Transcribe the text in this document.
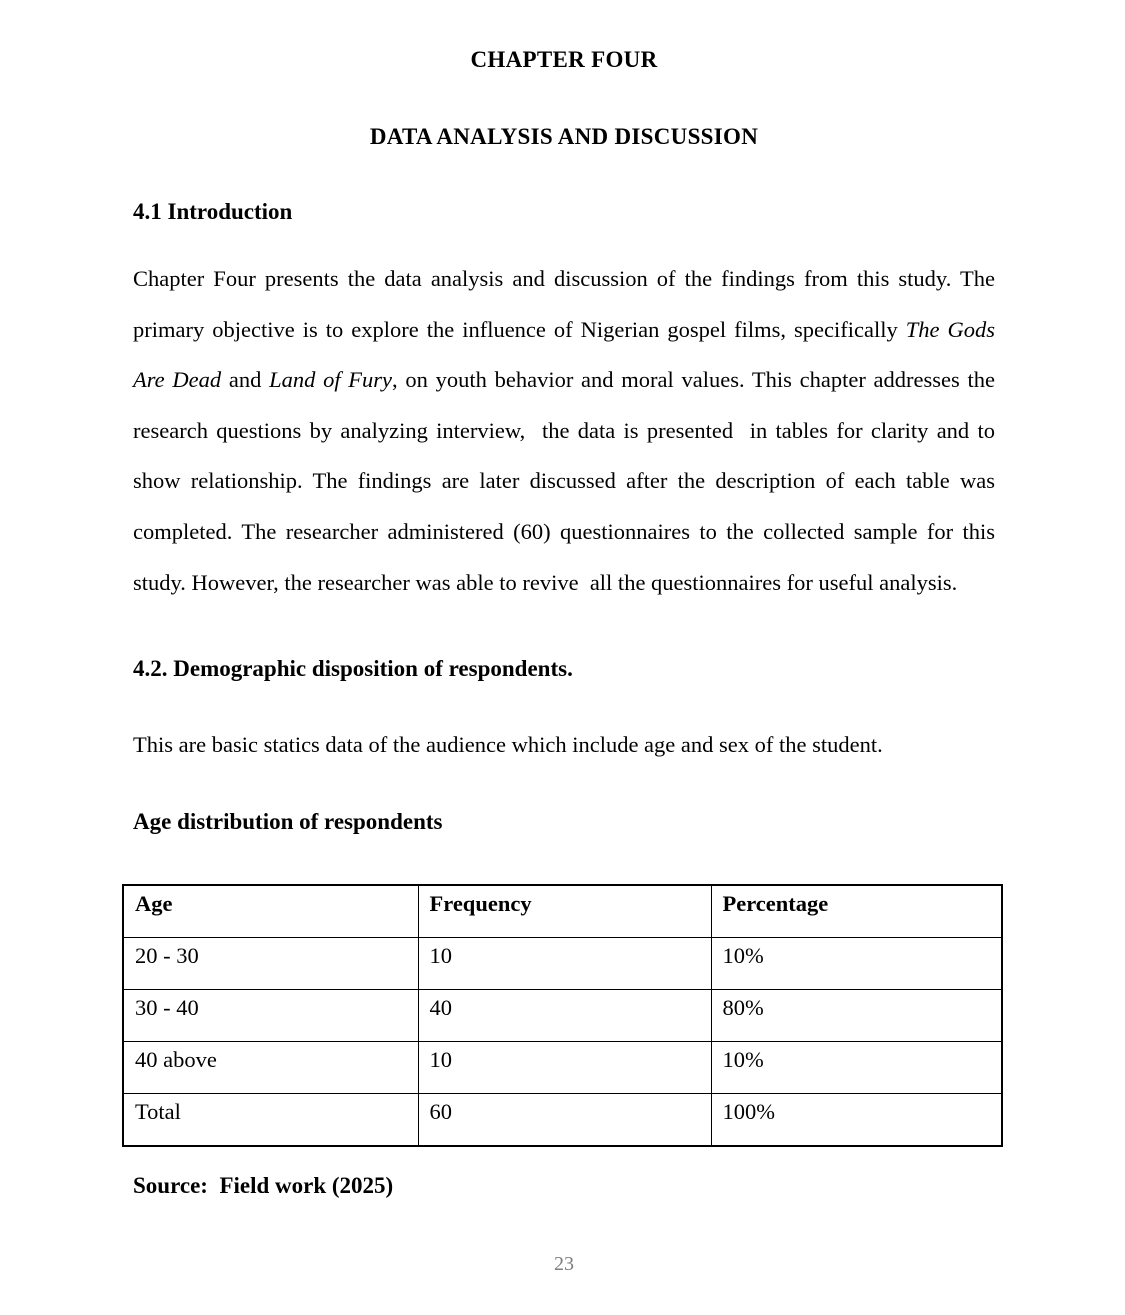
CHAPTER FOUR
DATA ANALYSIS AND DISCUSSION
4.1 Introduction

Chapter Four presents the data analysis and discussion of the findings from this study. The primary objective is to explore the influence of Nigerian gospel films, specifically The Gods Are Dead and Land of Fury, on youth behavior and moral values. This chapter addresses the research questions by analyzing interview,  the data is presented  in tables for clarity and to show relationship. The findings are later discussed after the description of each table was completed. The researcher administered (60) questionnaires to the collected sample for this study. However, the researcher was able to revive  all the questionnaires for useful analysis.

4.2. Demographic disposition of respondents.
This are basic statics data of the audience which include age and sex of the student.
Age distribution of respondents
Age	Frequency	Percentage
20 - 30	10	10%
30 - 40	40	80%
40 above	10	10%
Total	60	100%
Source:  Field work (2025)
23
